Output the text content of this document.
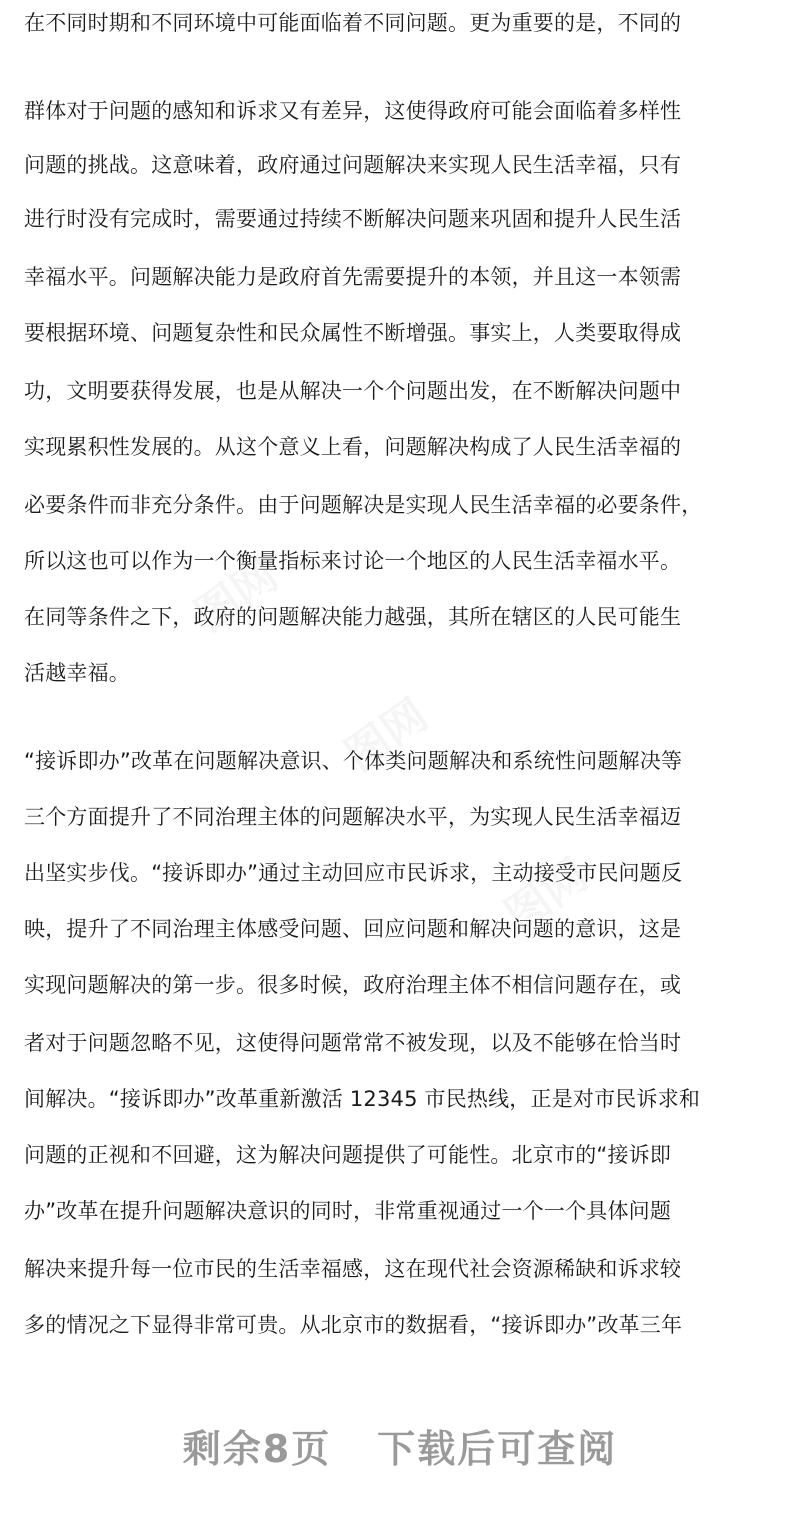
图网
图网
图网
在不同时期和不同环境中可能面临着不同问题。更为重要的是，不同的
群体对于问题的感知和诉求又有差异，这使得政府可能会面临着多样性
问题的挑战。这意味着，政府通过问题解决来实现人民生活幸福，只有
进行时没有完成时，需要通过持续不断解决问题来巩固和提升人民生活
幸福水平。问题解决能力是政府首先需要提升的本领，并且这一本领需
要根据环境、问题复杂性和民众属性不断增强。事实上，人类要取得成
功，文明要获得发展，也是从解决一个个问题出发，在不断解决问题中
实现累积性发展的。从这个意义上看，问题解决构成了人民生活幸福的
必要条件而非充分条件。由于问题解决是实现人民生活幸福的必要条件，
所以这也可以作为一个衡量指标来讨论一个地区的人民生活幸福水平。
在同等条件之下，政府的问题解决能力越强，其所在辖区的人民可能生
活越幸福。
“接诉即办”改革在问题解决意识、个体类问题解决和系统性问题解决等
三个方面提升了不同治理主体的问题解决水平，为实现人民生活幸福迈
出坚实步伐。“接诉即办”通过主动回应市民诉求，主动接受市民问题反
映，提升了不同治理主体感受问题、回应问题和解决问题的意识，这是
实现问题解决的第一步。很多时候，政府治理主体不相信问题存在，或
者对于问题忽略不见，这使得问题常常不被发现，以及不能够在恰当时
间解决。“接诉即办”改革重新激活 12345 市民热线，正是对市民诉求和
问题的正视和不回避，这为解决问题提供了可能性。北京市的“接诉即
办”改革在提升问题解决意识的同时，非常重视通过一个一个具体问题
解决来提升每一位市民的生活幸福感，这在现代社会资源稀缺和诉求较
多的情况之下显得非常可贵。从北京市的数据看，“接诉即办”改革三年
剩余8页 下载后可查阅
